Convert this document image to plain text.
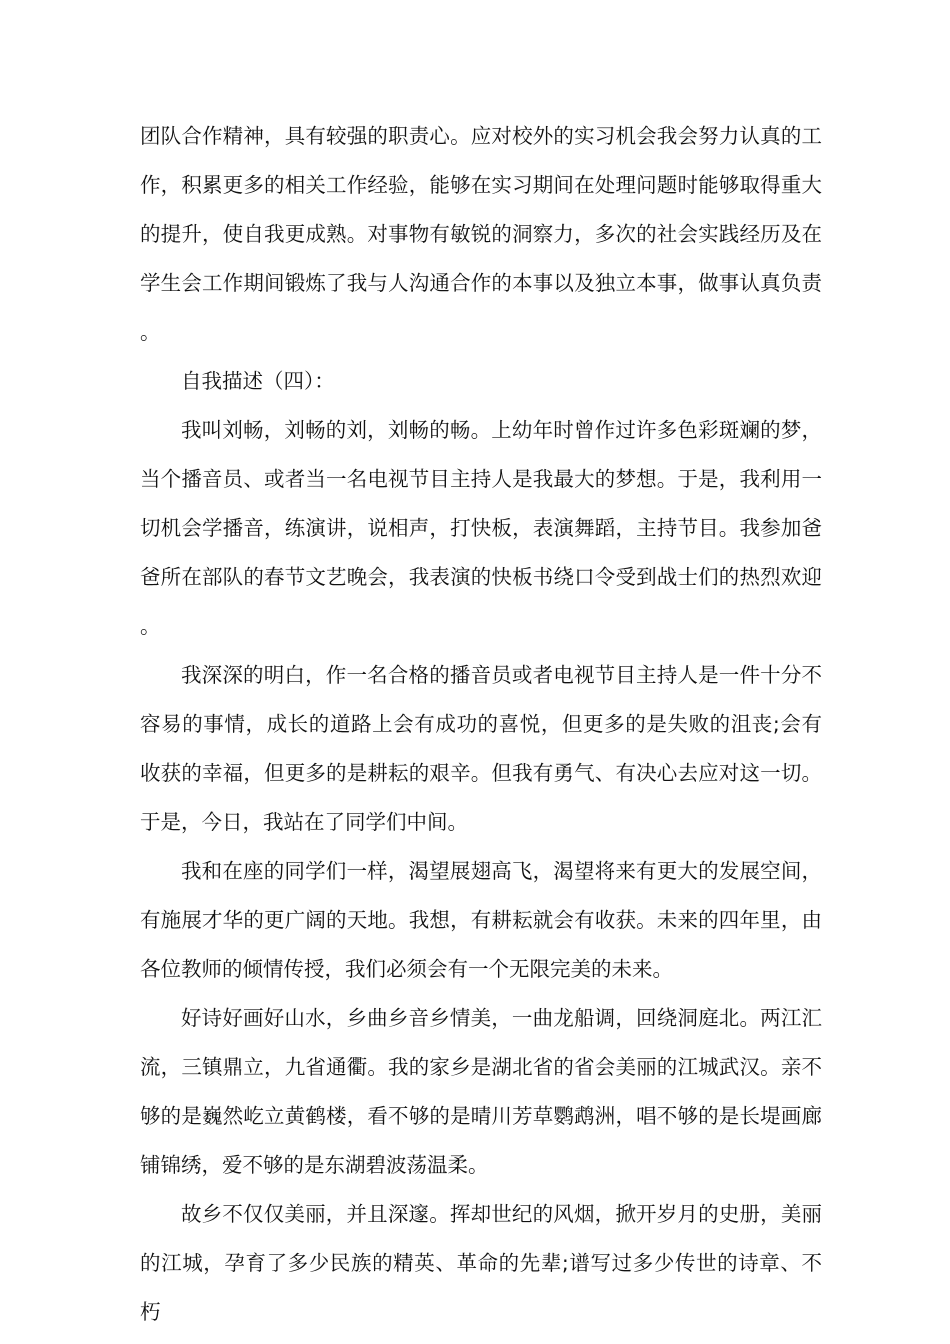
团队合作精神，具有较强的职责心。应对校外的实习机会我会努力认真的工作，积累更多的相关工作经验，能够在实习期间在处理问题时能够取得重大的提升，使自我更成熟。对事物有敏锐的洞察力，多次的社会实践经历及在学生会工作期间锻炼了我与人沟通合作的本事以及独立本事，做事认真负责。

自我描述（四）：

我叫刘畅，刘畅的刘，刘畅的畅。上幼年时曾作过许多色彩斑斓的梦，当个播音员、或者当一名电视节目主持人是我最大的梦想。于是，我利用一切机会学播音，练演讲，说相声，打快板，表演舞蹈，主持节目。我参加爸爸所在部队的春节文艺晚会，我表演的快板书绕口令受到战士们的热烈欢迎。

我深深的明白，作一名合格的播音员或者电视节目主持人是一件十分不容易的事情，成长的道路上会有成功的喜悦，但更多的是失败的沮丧;会有收获的幸福，但更多的是耕耘的艰辛。但我有勇气、有决心去应对这一切。于是，今日，我站在了同学们中间。

我和在座的同学们一样，渴望展翅高飞，渴望将来有更大的发展空间，有施展才华的更广阔的天地。我想，有耕耘就会有收获。未来的四年里，由各位教师的倾情传授，我们必须会有一个无限完美的未来。

好诗好画好山水，乡曲乡音乡情美，一曲龙船调，回绕洞庭北。两江汇流，三镇鼎立，九省通衢。我的家乡是湖北省的省会美丽的江城武汉。亲不够的是巍然屹立黄鹤楼，看不够的是晴川芳草鹦鹉洲，唱不够的是长堤画廊铺锦绣，爱不够的是东湖碧波荡温柔。

故乡不仅仅美丽，并且深邃。挥却世纪的风烟，掀开岁月的史册，美丽的江城，孕育了多少民族的精英、革命的先辈;谱写过多少传世的诗章、不朽
